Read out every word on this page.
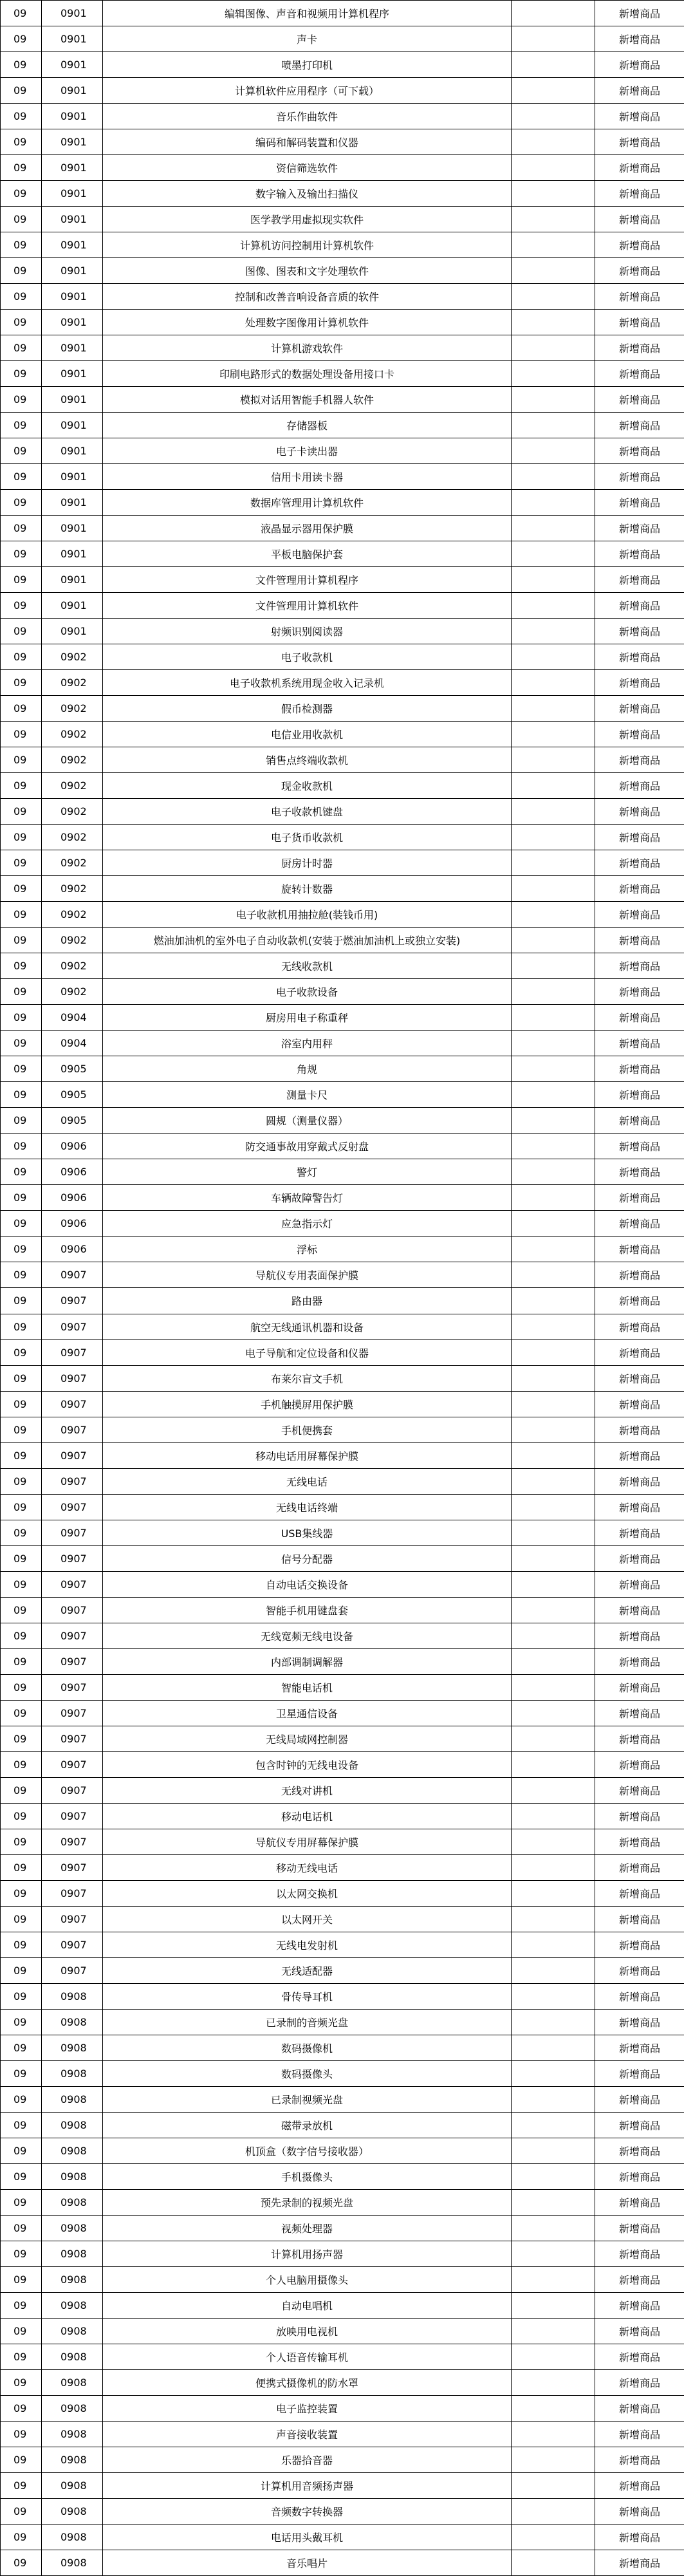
09	0901	编辑图像、声音和视频用计算机程序	新增商品
09	0901	声卡	新增商品
09	0901	喷墨打印机	新增商品
09	0901	计算机软件应用程序（可下载）	新增商品
09	0901	音乐作曲软件	新增商品
09	0901	编码和解码装置和仪器	新增商品
09	0901	资信筛选软件	新增商品
09	0901	数字输入及输出扫描仪	新增商品
09	0901	医学教学用虚拟现实软件	新增商品
09	0901	计算机访问控制用计算机软件	新增商品
09	0901	图像、图表和文字处理软件	新增商品
09	0901	控制和改善音响设备音质的软件	新增商品
09	0901	处理数字图像用计算机软件	新增商品
09	0901	计算机游戏软件	新增商品
09	0901	印刷电路形式的数据处理设备用接口卡	新增商品
09	0901	模拟对话用智能手机器人软件	新增商品
09	0901	存储器板	新增商品
09	0901	电子卡读出器	新增商品
09	0901	信用卡用读卡器	新增商品
09	0901	数据库管理用计算机软件	新增商品
09	0901	液晶显示器用保护膜	新增商品
09	0901	平板电脑保护套	新增商品
09	0901	文件管理用计算机程序	新增商品
09	0901	文件管理用计算机软件	新增商品
09	0901	射频识别阅读器	新增商品
09	0902	电子收款机	新增商品
09	0902	电子收款机系统用现金收入记录机	新增商品
09	0902	假币检测器	新增商品
09	0902	电信业用收款机	新增商品
09	0902	销售点终端收款机	新增商品
09	0902	现金收款机	新增商品
09	0902	电子收款机键盘	新增商品
09	0902	电子货币收款机	新增商品
09	0902	厨房计时器	新增商品
09	0902	旋转计数器	新增商品
09	0902	电子收款机用抽拉舱(装钱币用)	新增商品
09	0902	燃油加油机的室外电子自动收款机(安装于燃油加油机上或独立安装)	新增商品
09	0902	无线收款机	新增商品
09	0902	电子收款设备	新增商品
09	0904	厨房用电子称重秤	新增商品
09	0904	浴室内用秤	新增商品
09	0905	角规	新增商品
09	0905	测量卡尺	新增商品
09	0905	圆规（测量仪器）	新增商品
09	0906	防交通事故用穿戴式反射盘	新增商品
09	0906	警灯	新增商品
09	0906	车辆故障警告灯	新增商品
09	0906	应急指示灯	新增商品
09	0906	浮标	新增商品
09	0907	导航仪专用表面保护膜	新增商品
09	0907	路由器	新增商品
09	0907	航空无线通讯机器和设备	新增商品
09	0907	电子导航和定位设备和仪器	新增商品
09	0907	布莱尔盲文手机	新增商品
09	0907	手机触摸屏用保护膜	新增商品
09	0907	手机便携套	新增商品
09	0907	移动电话用屏幕保护膜	新增商品
09	0907	无线电话	新增商品
09	0907	无线电话终端	新增商品
09	0907	USB集线器	新增商品
09	0907	信号分配器	新增商品
09	0907	自动电话交换设备	新增商品
09	0907	智能手机用键盘套	新增商品
09	0907	无线宽频无线电设备	新增商品
09	0907	内部调制调解器	新增商品
09	0907	智能电话机	新增商品
09	0907	卫星通信设备	新增商品
09	0907	无线局域网控制器	新增商品
09	0907	包含时钟的无线电设备	新增商品
09	0907	无线对讲机	新增商品
09	0907	移动电话机	新增商品
09	0907	导航仪专用屏幕保护膜	新增商品
09	0907	移动无线电话	新增商品
09	0907	以太网交换机	新增商品
09	0907	以太网开关	新增商品
09	0907	无线电发射机	新增商品
09	0907	无线适配器	新增商品
09	0908	骨传导耳机	新增商品
09	0908	已录制的音频光盘	新增商品
09	0908	数码摄像机	新增商品
09	0908	数码摄像头	新增商品
09	0908	已录制视频光盘	新增商品
09	0908	磁带录放机	新增商品
09	0908	机顶盒（数字信号接收器）	新增商品
09	0908	手机摄像头	新增商品
09	0908	预先录制的视频光盘	新增商品
09	0908	视频处理器	新增商品
09	0908	计算机用扬声器	新增商品
09	0908	个人电脑用摄像头	新增商品
09	0908	自动电唱机	新增商品
09	0908	放映用电视机	新增商品
09	0908	个人语音传输耳机	新增商品
09	0908	便携式摄像机的防水罩	新增商品
09	0908	电子监控装置	新增商品
09	0908	声音接收装置	新增商品
09	0908	乐器拾音器	新增商品
09	0908	计算机用音频扬声器	新增商品
09	0908	音频数字转换器	新增商品
09	0908	电话用头戴耳机	新增商品
09	0908	音乐唱片	新增商品
